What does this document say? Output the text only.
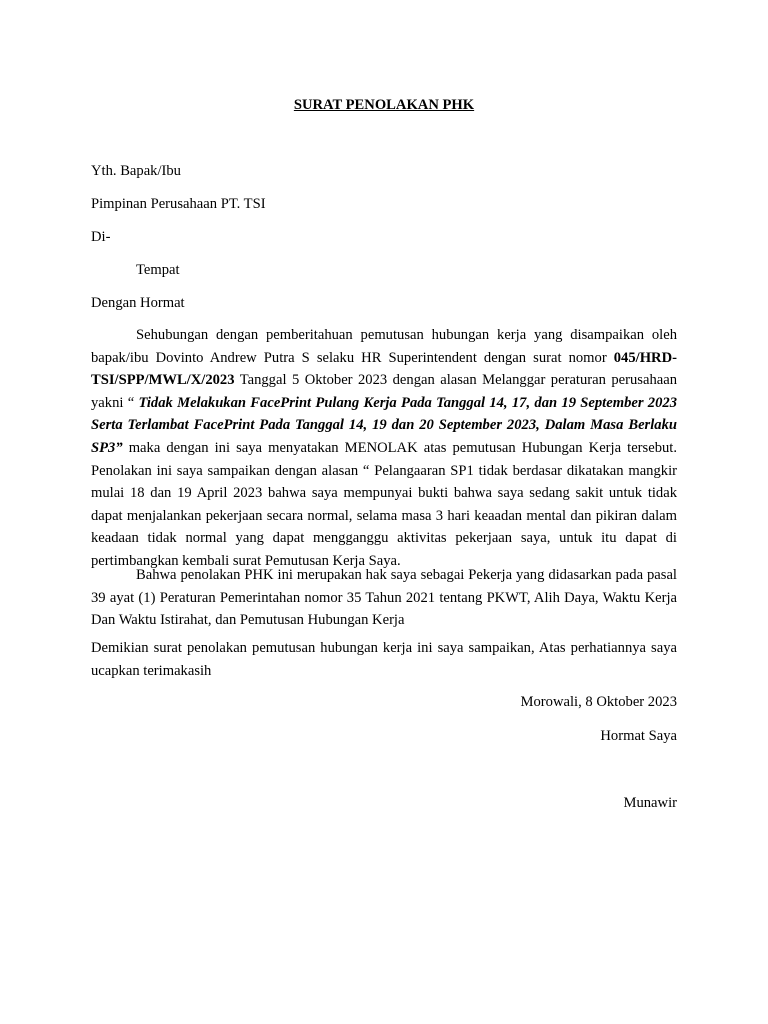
SURAT PENOLAKAN PHK
Yth. Bapak/Ibu
Pimpinan Perusahaan PT. TSI
Di-
Tempat
Dengan Hormat
Sehubungan dengan pemberitahuan pemutusan hubungan kerja yang disampaikan oleh bapak/ibu Dovinto Andrew Putra S selaku HR Superintendent dengan surat nomor 045/HRD-TSI/SPP/MWL/X/2023 Tanggal 5 Oktober 2023 dengan alasan Melanggar peraturan perusahaan yakni “ Tidak Melakukan FacePrint Pulang Kerja Pada Tanggal 14, 17, dan 19 September 2023 Serta Terlambat FacePrint Pada Tanggal 14, 19 dan 20 September 2023, Dalam Masa Berlaku SP3” maka dengan ini saya menyatakan MENOLAK atas pemutusan Hubungan Kerja tersebut. Penolakan ini saya sampaikan dengan alasan “ Pelangaaran SP1 tidak berdasar dikatakan mangkir mulai 18 dan 19 April 2023 bahwa saya mempunyai bukti bahwa saya sedang sakit untuk tidak dapat menjalankan pekerjaan secara normal, selama masa 3 hari keaadan mental dan pikiran dalam keadaan tidak normal yang dapat mengganggu aktivitas pekerjaan saya, untuk itu dapat di pertimbangkan kembali surat Pemutusan Kerja Saya.
Bahwa penolakan PHK ini merupakan hak saya sebagai Pekerja yang didasarkan pada pasal 39 ayat (1) Peraturan Pemerintahan nomor 35 Tahun 2021 tentang PKWT, Alih Daya, Waktu Kerja Dan Waktu Istirahat, dan Pemutusan Hubungan Kerja
Demikian surat penolakan pemutusan hubungan kerja ini saya sampaikan, Atas perhatiannya saya ucapkan terimakasih
Morowali, 8 Oktober 2023
Hormat Saya
Munawir
